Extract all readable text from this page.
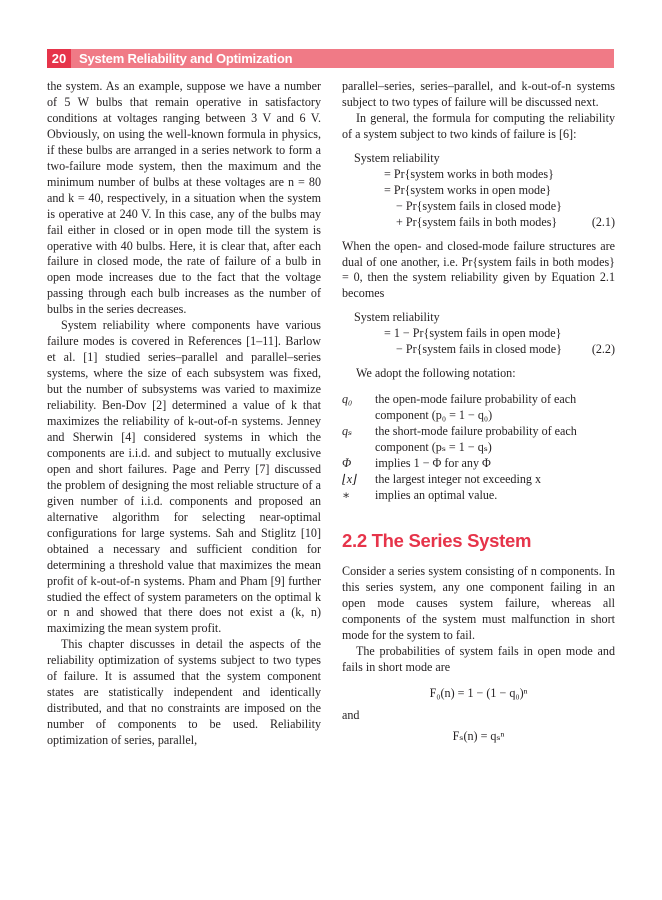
20 System Reliability and Optimization

the system. As an example, suppose we have a number of 5 W bulbs that remain operative in satisfactory conditions at voltages ranging between 3 V and 6 V. Obviously, on using the well-known formula in physics, if these bulbs are arranged in a series network to form a two-failure mode system, then the maximum and the minimum number of bulbs at these voltages are n = 80 and k = 40, respectively, in a situation when the system is operative at 240 V. In this case, any of the bulbs may fail either in closed or in open mode till the system is operative with 40 bulbs. Here, it is clear that, after each failure in closed mode, the rate of failure of a bulb in open mode increases due to the fact that the voltage passing through each bulb increases as the number of bulbs in the series decreases.

System reliability where components have various failure modes is covered in References [1–11]. Barlow et al. [1] studied series–parallel and parallel–series systems, where the size of each subsystem was fixed, but the number of subsystems was varied to maximize reliability. Ben-Dov [2] determined a value of k that maximizes the reliability of k-out-of-n systems. Jenney and Sherwin [4] considered systems in which the components are i.i.d. and subject to mutually exclusive open and short failures. Page and Perry [7] discussed the problem of designing the most reliable structure of a given number of i.i.d. components and proposed an alternative algorithm for selecting near-optimal configurations for large systems. Sah and Stiglitz [10] obtained a necessary and sufficient condition for determining a threshold value that maximizes the mean profit of k-out-of-n systems. Pham and Pham [9] further studied the effect of system parameters on the optimal k or n and showed that there does not exist a (k, n) maximizing the mean system profit.

This chapter discusses in detail the aspects of the reliability optimization of systems subject to two types of failure. It is assumed that the system component states are statistically independent and identically distributed, and that no constraints are imposed on the number of components to be used. Reliability optimization of series, parallel,

parallel–series, series–parallel, and k-out-of-n systems subject to two types of failure will be discussed next.

In general, the formula for computing the reliability of a system subject to two kinds of failure is [6]:

System reliability
= Pr{system works in both modes}
= Pr{system works in open mode}
− Pr{system fails in closed mode}
+ Pr{system fails in both modes}	(2.1)

When the open- and closed-mode failure structures are dual of one another, i.e. Pr{system fails in both modes} = 0, then the system reliability given by Equation 2.1 becomes

System reliability
= 1 − Pr{system fails in open mode}
− Pr{system fails in closed mode} (2.2)

We adopt the following notation:

q₀ the open-mode failure probability of each component (p₀ = 1 − q₀)
qₛ the short-mode failure probability of each component (pₛ = 1 − qₛ)
Φ implies 1 − Φ for any Φ
⌊x⌋ the largest integer not exceeding x
∗ implies an optimal value.
2.2 The Series System

Consider a series system consisting of n components. In this series system, any one component failing in an open mode causes system failure, whereas all components of the system must malfunction in short mode for the system to fail.

The probabilities of system fails in open mode and fails in short mode are

F₀(n) = 1 − (1 − q₀)ⁿ

and

Fₛ(n) = qₛⁿ
